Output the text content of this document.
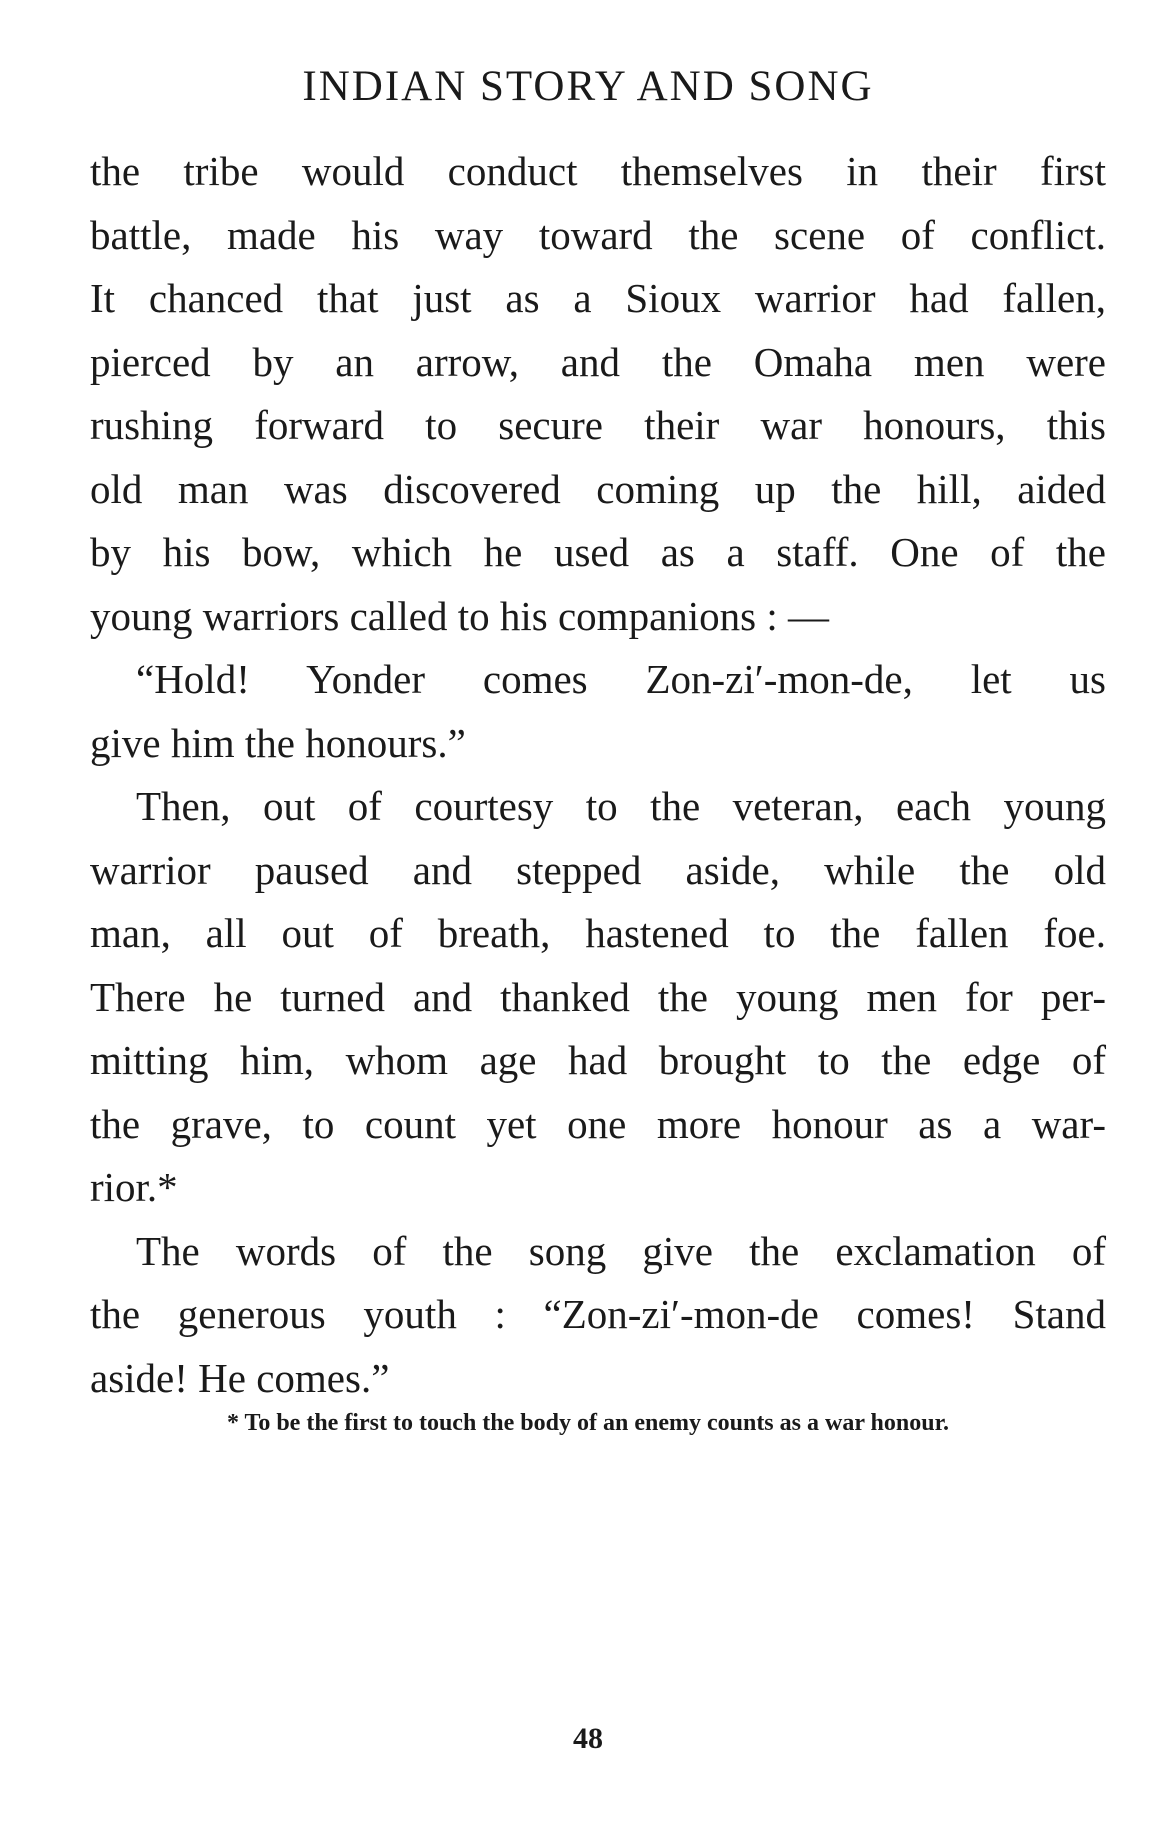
INDIAN STORY AND SONG
the tribe would conduct themselves in their first
battle, made his way toward the scene of conflict.
It chanced that just as a Sioux warrior had fallen,
pierced by an arrow, and the Omaha men were
rushing forward to secure their war honours, this
old man was discovered coming up the hill, aided
by his bow, which he used as a staff. One of the
young warriors called to his companions : —
“Hold! Yonder comes Zon-zi′-mon-de, let us
give him the honours.”
Then, out of courtesy to the veteran, each young
warrior paused and stepped aside, while the old
man, all out of breath, hastened to the fallen foe.
There he turned and thanked the young men for per-
mitting him, whom age had brought to the edge of
the grave, to count yet one more honour as a war-
rior.*
The words of the song give the exclamation of
the generous youth : “Zon-zi′-mon-de comes! Stand
aside! He comes.”
* To be the first to touch the body of an enemy counts as a war honour.
48
